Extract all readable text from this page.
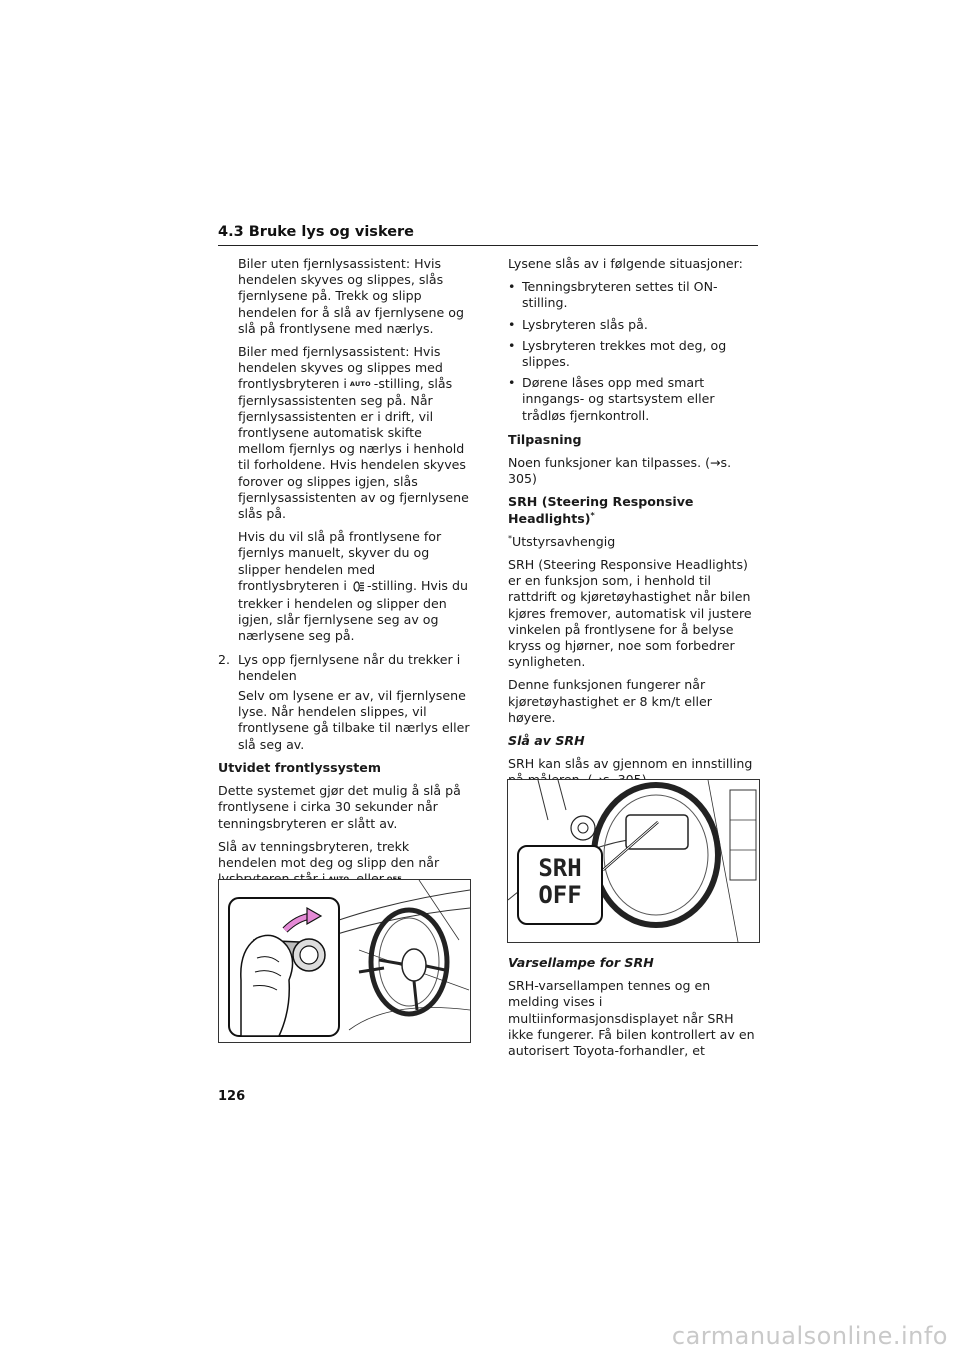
4.3 Bruke lys og viskere

Biler uten fjernlysassistent: Hvis hendelen skyves og slippes, slås fjernlysene på. Trekk og slipp hendelen for å slå av fjernlysene og slå på frontlysene med nærlys.

Biler med fjernlysassistent: Hvis hendelen skyves og slippes med frontlysbryteren i AUTO -stilling, slås fjernlysassistenten seg på. Når fjernlysassistenten er i drift, vil frontlysene automatisk skifte mellom fjernlys og nærlys i henhold til forholdene. Hvis hendelen skyves forover og slippes igjen, slås fjernlysassistenten av og fjernlysene slås på.

Hvis du vil slå på frontlysene for fjernlys manuelt, skyver du og slipper hendelen med frontlysbryteren i -stilling. Hvis du trekker i hendelen og slipper den igjen, slår fjernlysene seg av og nærlysene seg på.

2. Lys opp fjernlysene når du trekker i hendelen

Selv om lysene er av, vil fjernlysene lyse. Når hendelen slippes, vil frontlysene gå tilbake til nærlys eller slå seg av.

Utvidet frontlyssystem

Dette systemet gjør det mulig å slå på frontlysene i cirka 30 sekunder når tenningsbryteren er slått av.

Slå av tenningsbryteren, trekk hendelen mot deg og slipp den når

Lysene slås av i følgende situasjoner:

• Tenningsbryteren settes til ON-stilling.
• Lysbryteren slås på.
• Lysbryteren trekkes mot deg, og slippes.
• Dørene låses opp med smart inngangs- og startsystem eller trådløs fjernkontroll.

Tilpasning

Noen funksjoner kan tilpasses. (→s. 305)

SRH (Steering Responsive Headlights)*

*Utstyrsavhengig

SRH (Steering Responsive Headlights) er en funksjon som, i henhold til rattdrift og kjøretøyhastighet når bilen kjøres fremover, automatisk vil justere vinkelen på frontlysene for å belyse kryss og hjørner, noe som forbedrer synligheten.

Denne funksjonen fungerer når kjøretøyhastighet er 8 km/t eller høyere.

Slå av SRH

SRH kan slås av gjennom en innstilling

SRH
OFF

Varsellampe for SRH

SRH-varsellampen tennes og en melding vises i multiinformasjonsdisplayet når SRH ikke fungerer. Få bilen kontrollert av en autorisert Toyota-forhandler, et

126
carmanualsonline.info
